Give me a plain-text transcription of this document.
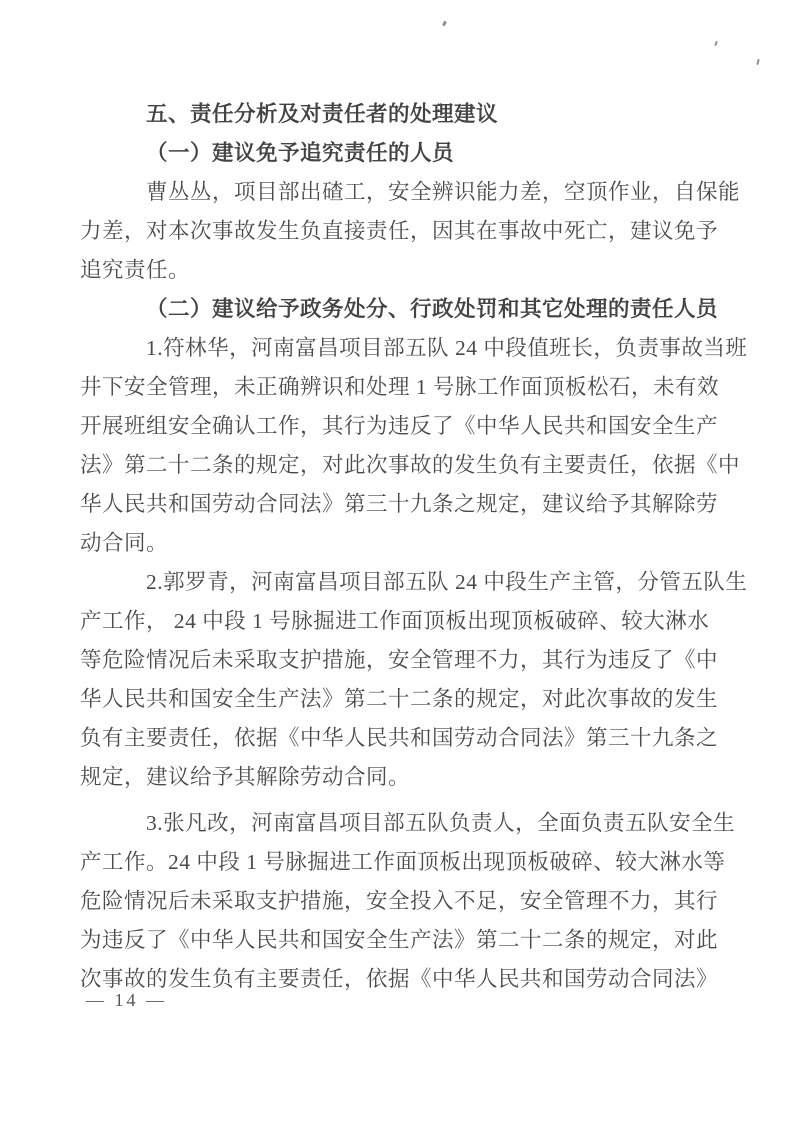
五、责任分析及对责任者的处理建议
（一）建议免予追究责任的人员
曹丛丛，项目部出碴工，安全辨识能力差，空顶作业，自保能
力差，对本次事故发生负直接责任，因其在事故中死亡，建议免予
追究责任。
（二）建议给予政务处分、行政处罚和其它处理的责任人员
1.符林华，河南富昌项目部五队 24 中段值班长，负责事故当班
井下安全管理，未正确辨识和处理 1 号脉工作面顶板松石，未有效
开展班组安全确认工作，其行为违反了《中华人民共和国安全生产
法》第二十二条的规定，对此次事故的发生负有主要责任，依据《中
华人民共和国劳动合同法》第三十九条之规定，建议给予其解除劳
动合同。
2.郭罗青，河南富昌项目部五队 24 中段生产主管，分管五队生
产工作， 24 中段 1 号脉掘进工作面顶板出现顶板破碎、较大淋水
等危险情况后未采取支护措施，安全管理不力，其行为违反了《中
华人民共和国安全生产法》第二十二条的规定，对此次事故的发生
负有主要责任，依据《中华人民共和国劳动合同法》第三十九条之
规定，建议给予其解除劳动合同。
3.张凡改，河南富昌项目部五队负责人，全面负责五队安全生
产工作。24 中段 1 号脉掘进工作面顶板出现顶板破碎、较大淋水等
危险情况后未采取支护措施，安全投入不足，安全管理不力，其行
为违反了《中华人民共和国安全生产法》第二十二条的规定，对此
次事故的发生负有主要责任，依据《中华人民共和国劳动合同法》
— 14 —
